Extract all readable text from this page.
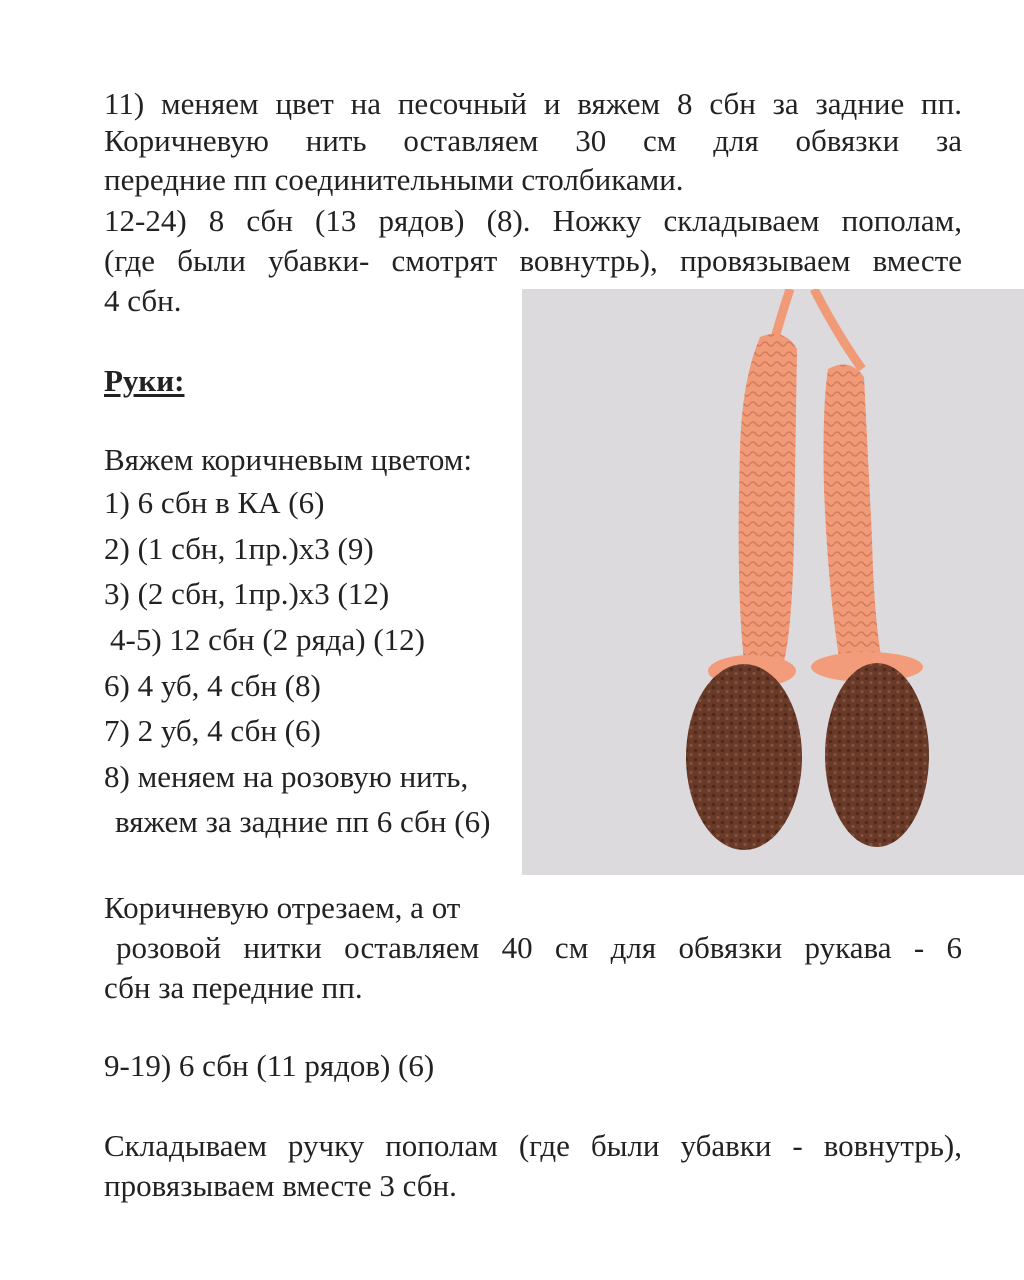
11) меняем цвет на песочный и вяжем 8 сбн за задние пп.
Коричневую нить оставляем 30 см для обвязки за
передние пп соединительными столбиками.
12-24) 8 сбн (13 рядов) (8). Ножку складываем пополам,
(где были убавки- смотрят вовнутрь), провязываем вместе
4 сбн.
Руки:
Вяжем коричневым цветом:
1) 6 сбн в КА (6)
2) (1 сбн, 1пр.)х3 (9)
3) (2 сбн, 1пр.)х3 (12)
4-5) 12 сбн (2 ряда) (12)
6) 4 уб, 4 сбн (8)
7) 2 уб, 4 сбн (6)
8) меняем на розовую нить,
вяжем за задние пп 6 сбн (6)
Коричневую отрезаем, а от
розовой нитки оставляем 40 см для обвязки рукава - 6
сбн за передние пп.
9-19) 6 сбн (11 рядов) (6)
Складываем ручку пополам (где были убавки - вовнутрь),
провязываем вместе 3 сбн.
